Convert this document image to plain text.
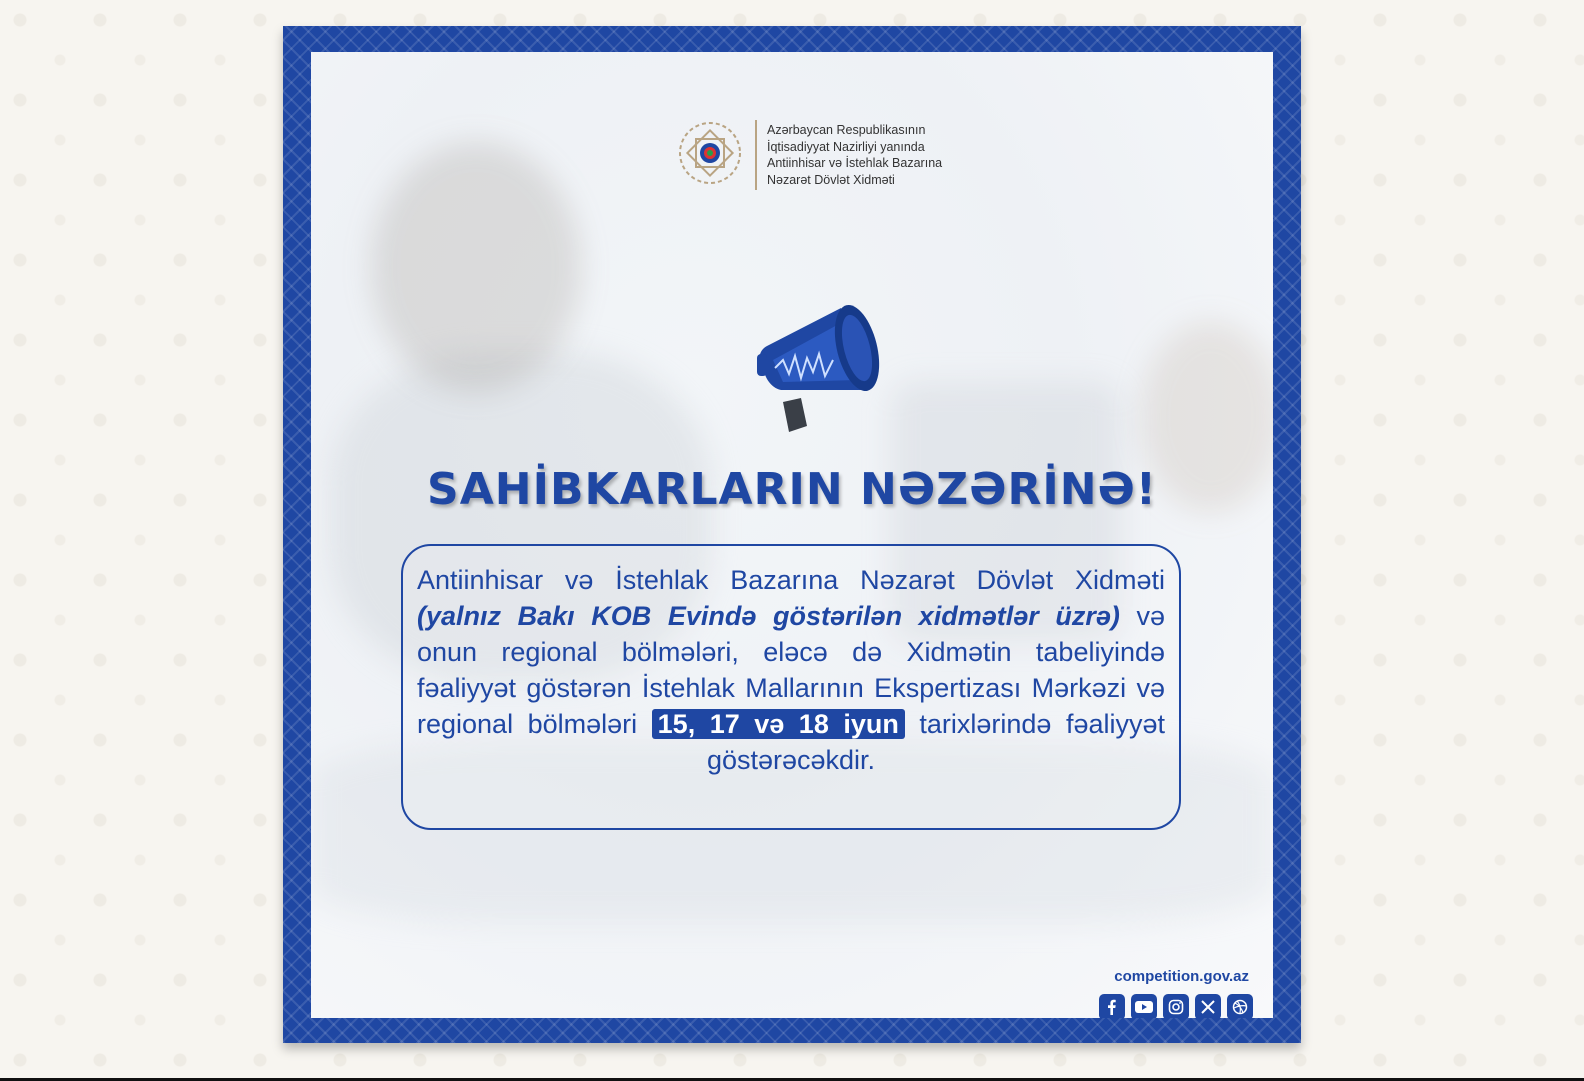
Azərbaycan Respublikasının
İqtisadiyyat Nazirliyi yanında
Antiinhisar və İstehlak Bazarına
Nəzarət Dövlət Xidməti
SAHİBKARLARIN NƏZƏRİNƏ!
Antiinhisar və İstehlak Bazarına Nəzarət Dövlət Xidməti (yalnız Bakı KOB Evində göstərilən xidmətlər üzrə) və onun regional bölmələri, eləcə də Xidmətin tabeliyində fəaliyyət göstərən İstehlak Mallarının Ekspertizası Mərkəzi və regional bölmələri 15, 17 və 18 iyun tarixlərində fəaliyyət göstərəcəkdir.
competition.gov.az
